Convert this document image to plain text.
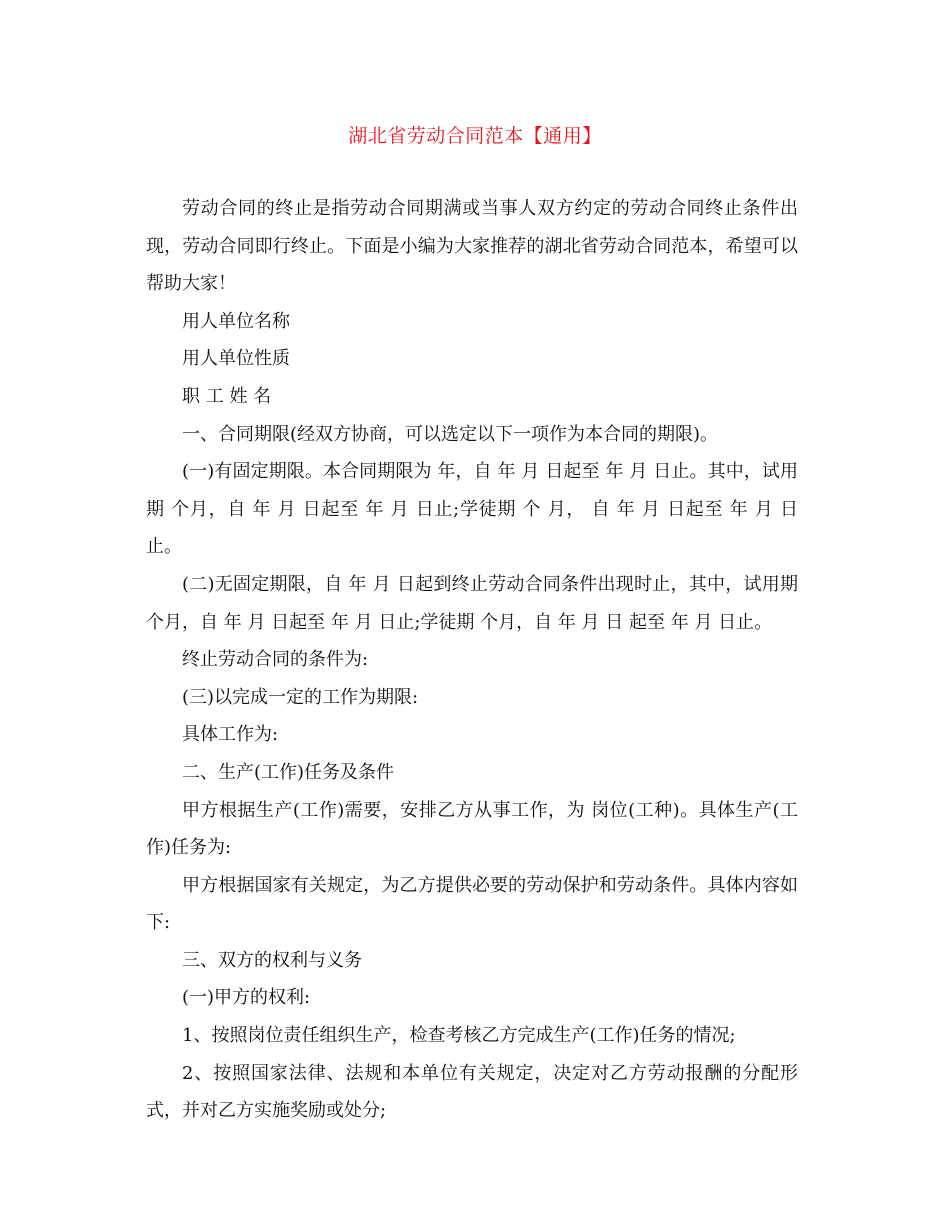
湖北省劳动合同范本【通用】

劳动合同的终止是指劳动合同期满或当事人双方约定的劳动合同终止条件出现，劳动合同即行终止。下面是小编为大家推荐的湖北省劳动合同范本，希望可以帮助大家！

用人单位名称

用人单位性质

职 工 姓 名

一、合同期限(经双方协商，可以选定以下一项作为本合同的期限)。

(一)有固定期限。本合同期限为 年，自 年 月 日起至 年 月 日止。其中，试用期 个月，自 年 月 日起至 年 月 日止;学徒期 个 月， 自 年 月 日起至 年 月 日止。

(二)无固定期限，自 年 月 日起到终止劳动合同条件出现时止，其中，试用期 个月，自 年 月 日起至 年 月 日止;学徒期 个月，自 年 月 日 起至 年 月 日止。

终止劳动合同的条件为:

(三)以完成一定的工作为期限:

具体工作为:

二、生产(工作)任务及条件

甲方根据生产(工作)需要，安排乙方从事工作，为 岗位(工种)。具体生产(工作)任务为:

甲方根据国家有关规定，为乙方提供必要的劳动保护和劳动条件。具体内容如下:

三、双方的权利与义务

(一)甲方的权利:

1、按照岗位责任组织生产，检查考核乙方完成生产(工作)任务的情况;

2、按照国家法律、法规和本单位有关规定，决定对乙方劳动报酬的分配形式，并对乙方实施奖励或处分;
